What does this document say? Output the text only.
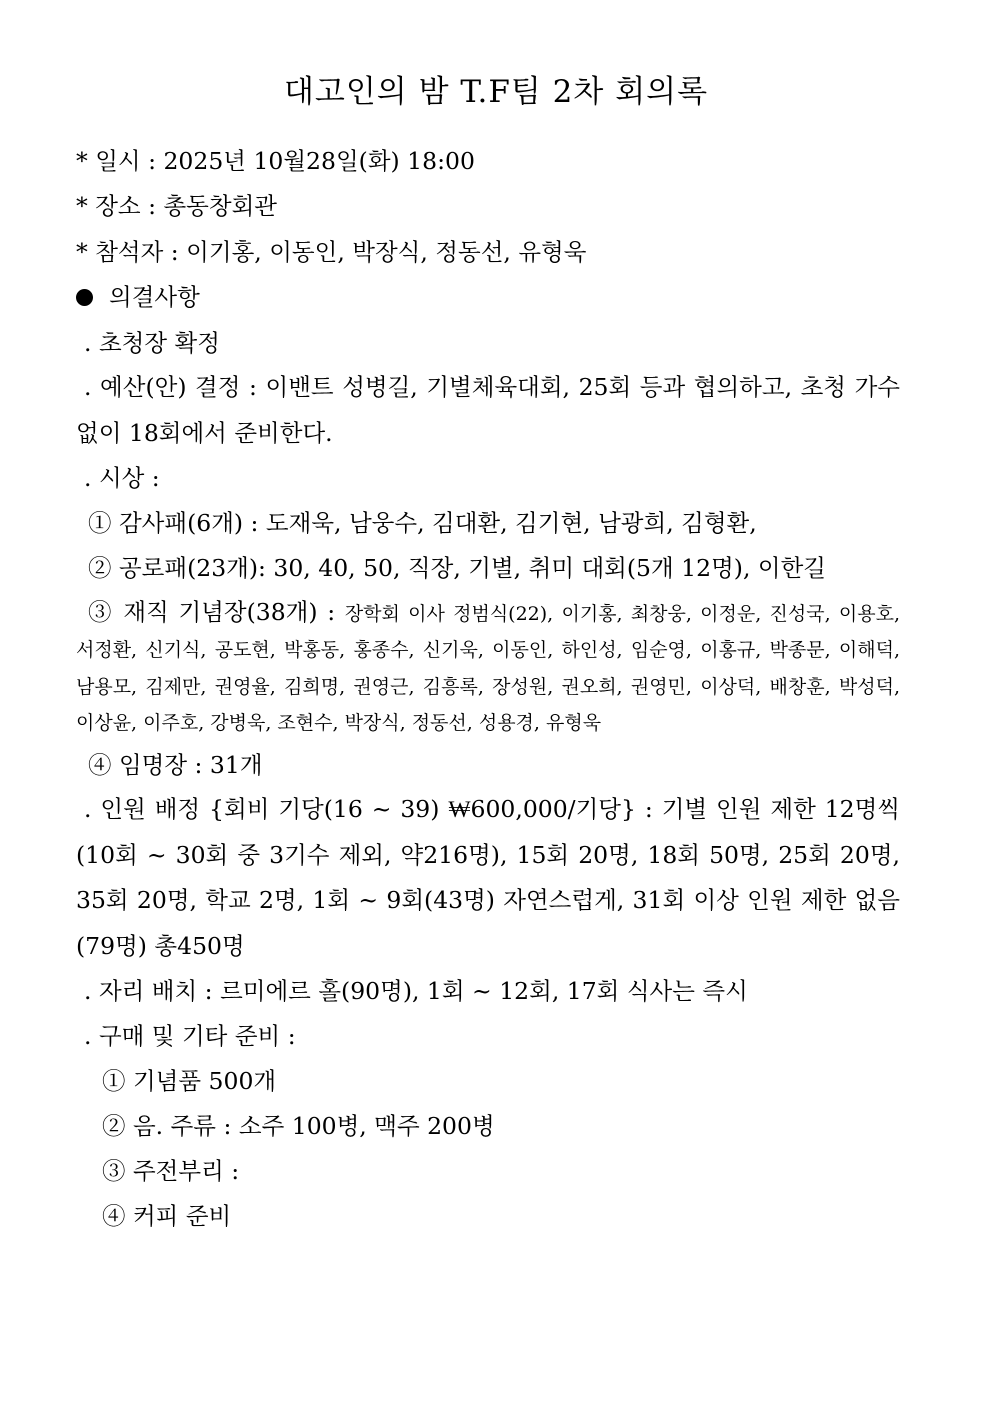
대고인의 밤 T.F팀 2차 회의록
* 일시 : 2025년 10월28일(화) 18:00
* 장소 : 총동창회관
* 참석자 : 이기홍, 이동인, 박장식, 정동선, 유형욱
의결사항
. 초청장 확정
. 예산(안) 결정 : 이밴트 성병길, 기별체육대회, 25회 등과 협의하고, 초청 가수 없이 18회에서 준비한다.
. 시상 :
① 감사패(6개) : 도재욱, 남웅수, 김대환, 김기현, 남광희, 김형환,
② 공로패(23개): 30, 40, 50, 직장, 기별, 취미 대회(5개 12명), 이한길
③ 재직 기념장(38개) : 장학회 이사 정범식(22), 이기홍, 최창웅, 이정운, 진성국, 이용호, 서정환, 신기식, 공도현, 박홍동, 홍종수, 신기욱, 이동인, 하인성, 임순영, 이홍규, 박종문, 이해덕, 남용모, 김제만, 권영율, 김희명, 권영근, 김흥록, 장성원, 권오희, 권영민, 이상덕, 배창훈, 박성덕, 이상윤, 이주호, 강병욱, 조현수, 박장식, 정동선, 성용경, 유형욱
④ 임명장 : 31개
. 인원 배정 {회비 기당(16 ~ 39) ₩600,000/기당} : 기별 인원 제한 12명씩(10회 ~ 30회 중 3기수 제외, 약216명), 15회 20명, 18회 50명, 25회 20명, 35회 20명, 학교 2명, 1회 ~ 9회(43명) 자연스럽게, 31회 이상 인원 제한 없음(79명) 총450명
. 자리 배치 : 르미에르 홀(90명), 1회 ~ 12회, 17회 식사는 즉시
. 구매 및 기타 준비 :
① 기념품 500개
② 음. 주류 : 소주 100병, 맥주 200병
③ 주전부리 :
④ 커피 준비
